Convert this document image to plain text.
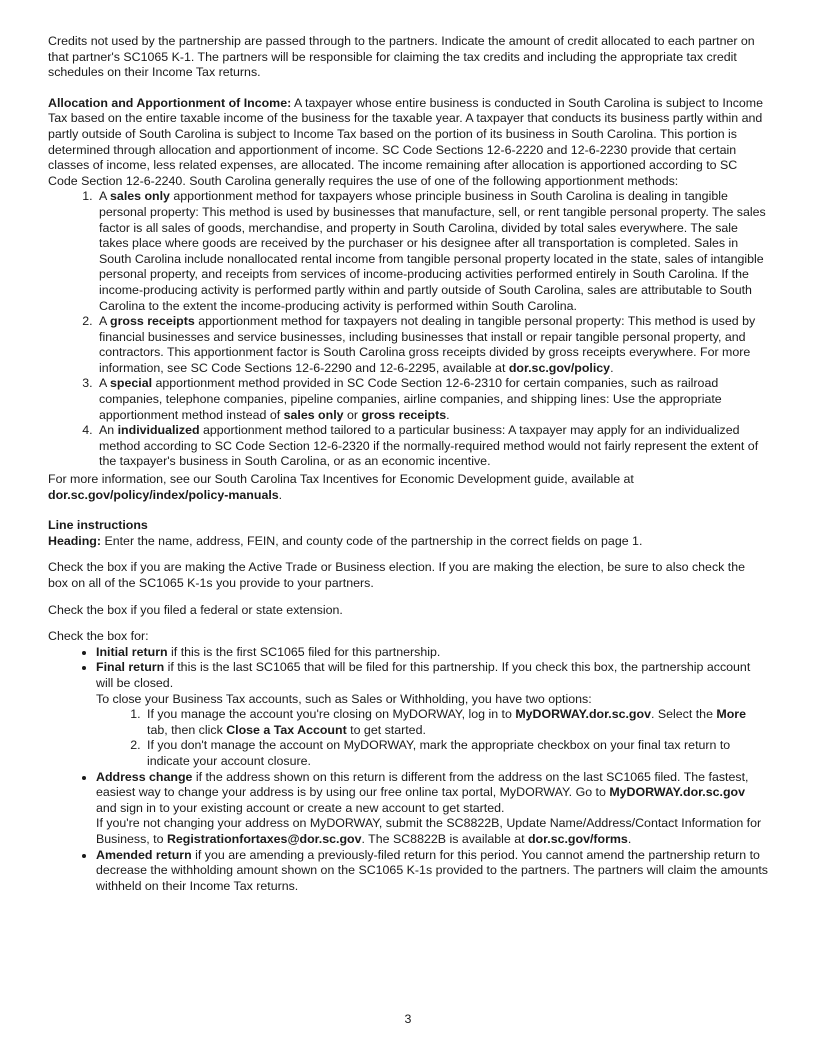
Credits not used by the partnership are passed through to the partners. Indicate the amount of credit allocated to each partner on that partner's SC1065 K-1. The partners will be responsible for claiming the tax credits and including the appropriate tax credit schedules on their Income Tax returns.

Allocation and Apportionment of Income: A taxpayer whose entire business is conducted in South Carolina is subject to Income Tax based on the entire taxable income of the business for the taxable year. A taxpayer that conducts its business partly within and partly outside of South Carolina is subject to Income Tax based on the portion of its business in South Carolina. This portion is determined through allocation and apportionment of income. SC Code Sections 12-6-2220 and 12-6-2230 provide that certain classes of income, less related expenses, are allocated. The income remaining after allocation is apportioned according to SC Code Section 12-6-2240. South Carolina generally requires the use of one of the following apportionment methods:

1. A sales only apportionment method for taxpayers whose principle business in South Carolina is dealing in tangible personal property: This method is used by businesses that manufacture, sell, or rent tangible personal property. The sales factor is all sales of goods, merchandise, and property in South Carolina, divided by total sales everywhere. The sale takes place where goods are received by the purchaser or his designee after all transportation is completed. Sales in South Carolina include nonallocated rental income from tangible personal property located in the state, sales of intangible personal property, and receipts from services of income-producing activities performed entirely in South Carolina. If the income-producing activity is performed partly within and partly outside of South Carolina, sales are attributable to South Carolina to the extent the income-producing activity is performed within South Carolina.
2. A gross receipts apportionment method for taxpayers not dealing in tangible personal property: This method is used by financial businesses and service businesses, including businesses that install or repair tangible personal property, and contractors. This apportionment factor is South Carolina gross receipts divided by gross receipts everywhere. For more information, see SC Code Sections 12-6-2290 and 12-6-2295, available at dor.sc.gov/policy.
3. A special apportionment method provided in SC Code Section 12-6-2310 for certain companies, such as railroad companies, telephone companies, pipeline companies, airline companies, and shipping lines: Use the appropriate apportionment method instead of sales only or gross receipts.
4. An individualized apportionment method tailored to a particular business: A taxpayer may apply for an individualized method according to SC Code Section 12-6-2320 if the normally-required method would not fairly represent the extent of the taxpayer's business in South Carolina, or as an economic incentive.

For more information, see our South Carolina Tax Incentives for Economic Development guide, available at dor.sc.gov/policy/index/policy-manuals.

Line instructions

Heading: Enter the name, address, FEIN, and county code of the partnership in the correct fields on page 1.

Check the box if you are making the Active Trade or Business election. If you are making the election, be sure to also check the box on all of the SC1065 K-1s you provide to your partners.

Check the box if you filed a federal or state extension.

Check the box for:

• Initial return if this is the first SC1065 filed for this partnership.
• Final return if this is the last SC1065 that will be filed for this partnership. If you check this box, the partnership account will be closed.
To close your Business Tax accounts, such as Sales or Withholding, you have two options:
1. If you manage the account you're closing on MyDORWAY, log in to MyDORWAY.dor.sc.gov. Select the More tab, then click Close a Tax Account to get started.
2. If you don't manage the account on MyDORWAY, mark the appropriate checkbox on your final tax return to indicate your account closure.
• Address change if the address shown on this return is different from the address on the last SC1065 filed. The fastest, easiest way to change your address is by using our free online tax portal, MyDORWAY. Go to MyDORWAY.dor.sc.gov and sign in to your existing account or create a new account to get started.
If you're not changing your address on MyDORWAY, submit the SC8822B, Update Name/Address/Contact Information for Business, to Registrationfortaxes@dor.sc.gov. The SC8822B is available at dor.sc.gov/forms.
• Amended return if you are amending a previously-filed return for this period. You cannot amend the partnership return to decrease the withholding amount shown on the SC1065 K-1s provided to the partners. The partners will claim the amounts withheld on their Income Tax returns.
3
